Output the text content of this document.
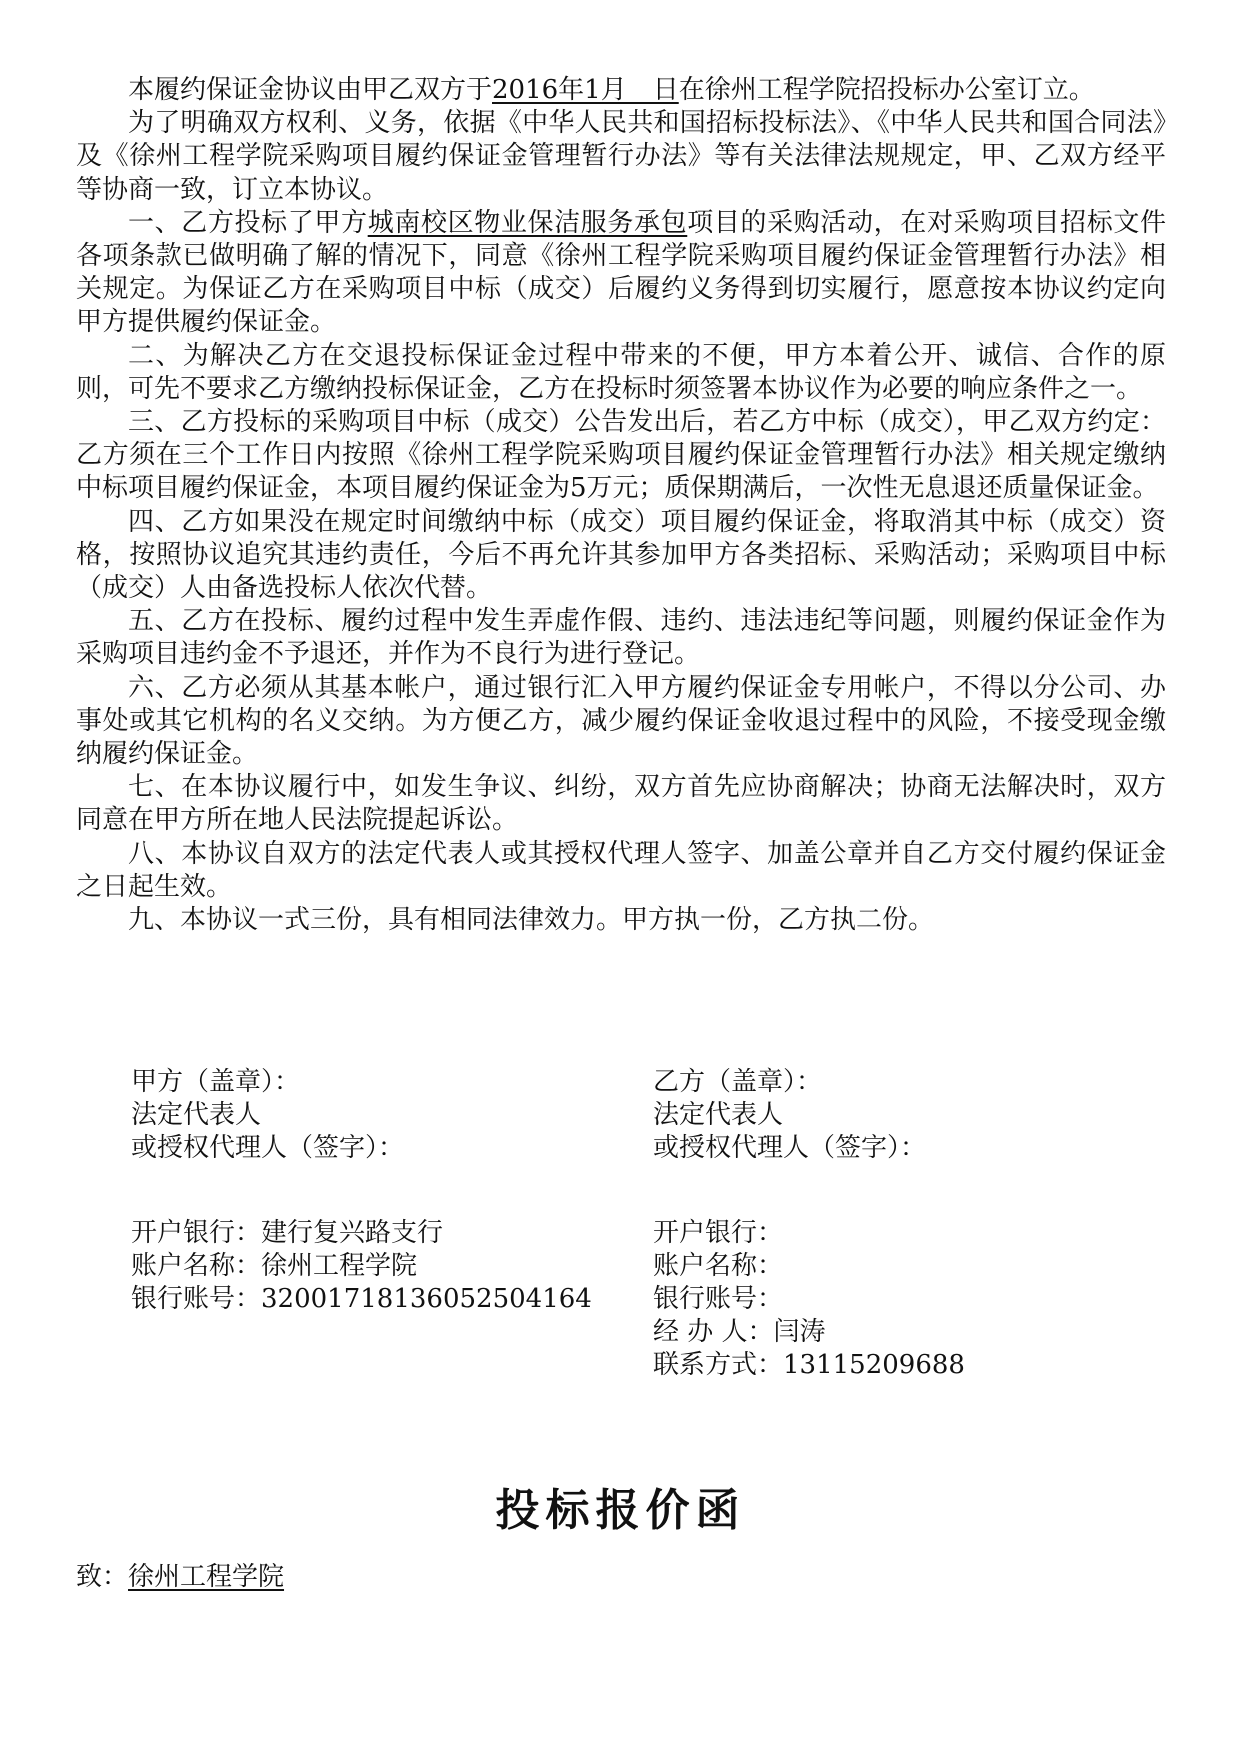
本履约保证金协议由甲乙双方于2016年1月　日在徐州工程学院招投标办公室订立。

为了明确双方权利、义务，依据《中华人民共和国招标投标法》、《中华人民共和国合同法》及《徐州工程学院采购项目履约保证金管理暂行办法》等有关法律法规规定，甲、乙双方经平等协商一致，订立本协议。

一、乙方投标了甲方城南校区物业保洁服务承包项目的采购活动，在对采购项目招标文件各项条款已做明确了解的情况下，同意《徐州工程学院采购项目履约保证金管理暂行办法》相关规定。为保证乙方在采购项目中标（成交）后履约义务得到切实履行，愿意按本协议约定向甲方提供履约保证金。

二、为解决乙方在交退投标保证金过程中带来的不便，甲方本着公开、诚信、合作的原则，可先不要求乙方缴纳投标保证金，乙方在投标时须签署本协议作为必要的响应条件之一。

三、乙方投标的采购项目中标（成交）公告发出后，若乙方中标（成交），甲乙双方约定：乙方须在三个工作日内按照《徐州工程学院采购项目履约保证金管理暂行办法》相关规定缴纳中标项目履约保证金，本项目履约保证金为5万元；质保期满后，一次性无息退还质量保证金。

四、乙方如果没在规定时间缴纳中标（成交）项目履约保证金，将取消其中标（成交）资格，按照协议追究其违约责任，今后不再允许其参加甲方各类招标、采购活动；采购项目中标（成交）人由备选投标人依次代替。

五、乙方在投标、履约过程中发生弄虚作假、违约、违法违纪等问题，则履约保证金作为采购项目违约金不予退还，并作为不良行为进行登记。

六、乙方必须从其基本帐户，通过银行汇入甲方履约保证金专用帐户，不得以分公司、办事处或其它机构的名义交纳。为方便乙方，减少履约保证金收退过程中的风险，不接受现金缴纳履约保证金。

七、在本协议履行中，如发生争议、纠纷，双方首先应协商解决；协商无法解决时，双方同意在甲方所在地人民法院提起诉讼。

八、本协议自双方的法定代表人或其授权代理人签字、加盖公章并自乙方交付履约保证金之日起生效。

九、本协议一式三份，具有相同法律效力。甲方执一份，乙方执二份。

甲方（盖章）：
法定代表人
或授权代理人（签字）：
开户银行：建行复兴路支行
账户名称：徐州工程学院
银行账号：32001718136052504164
乙方（盖章）：
法定代表人
或授权代理人（签字）：
开户银行：
账户名称：
银行账号：
经 办 人：闫涛
联系方式：13115209688
投标报价函
致：徐州工程学院
